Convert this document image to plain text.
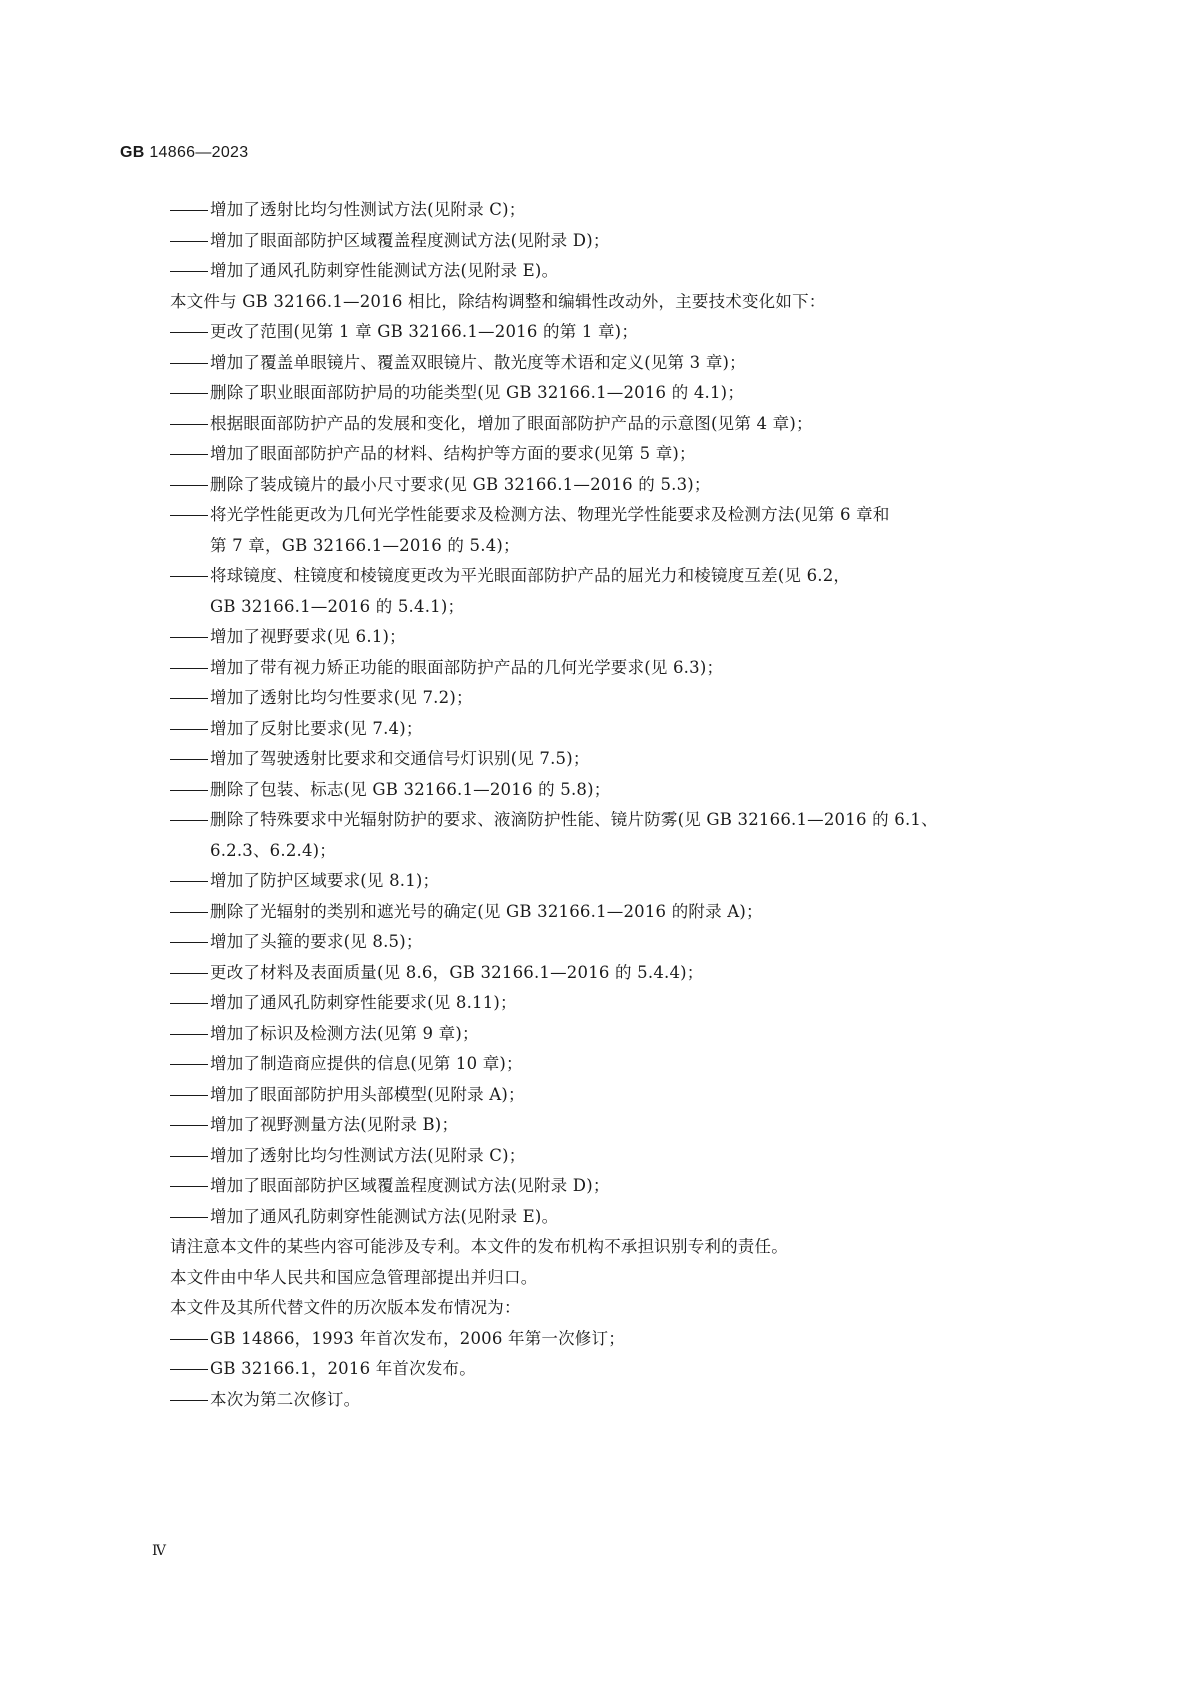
GB 14866—2023
增加了透射比均匀性测试方法(见附录 C)；
增加了眼面部防护区域覆盖程度测试方法(见附录 D)；
增加了通风孔防刺穿性能测试方法(见附录 E)。
本文件与 GB 32166.1—2016 相比，除结构调整和编辑性改动外，主要技术变化如下：
更改了范围(见第 1 章 GB 32166.1—2016 的第 1 章)；
增加了覆盖单眼镜片、覆盖双眼镜片、散光度等术语和定义(见第 3 章)；
删除了职业眼面部防护局的功能类型(见 GB 32166.1—2016 的 4.1)；
根据眼面部防护产品的发展和变化，增加了眼面部防护产品的示意图(见第 4 章)；
增加了眼面部防护产品的材料、结构护等方面的要求(见第 5 章)；
删除了装成镜片的最小尺寸要求(见 GB 32166.1—2016 的 5.3)；
将光学性能更改为几何光学性能要求及检测方法、物理光学性能要求及检测方法(见第 6 章和
第 7 章，GB 32166.1—2016 的 5.4)；
将球镜度、柱镜度和棱镜度更改为平光眼面部防护产品的屈光力和棱镜度互差(见 6.2，
GB 32166.1—2016 的 5.4.1)；
增加了视野要求(见 6.1)；
增加了带有视力矫正功能的眼面部防护产品的几何光学要求(见 6.3)；
增加了透射比均匀性要求(见 7.2)；
增加了反射比要求(见 7.4)；
增加了驾驶透射比要求和交通信号灯识别(见 7.5)；
删除了包装、标志(见 GB 32166.1—2016 的 5.8)；
删除了特殊要求中光辐射防护的要求、液滴防护性能、镜片防雾(见 GB 32166.1—2016 的 6.1、
6.2.3、6.2.4)；
增加了防护区域要求(见 8.1)；
删除了光辐射的类别和遮光号的确定(见 GB 32166.1—2016 的附录 A)；
增加了头箍的要求(见 8.5)；
更改了材料及表面质量(见 8.6，GB 32166.1—2016 的 5.4.4)；
增加了通风孔防刺穿性能要求(见 8.11)；
增加了标识及检测方法(见第 9 章)；
增加了制造商应提供的信息(见第 10 章)；
增加了眼面部防护用头部模型(见附录 A)；
增加了视野测量方法(见附录 B)；
增加了透射比均匀性测试方法(见附录 C)；
增加了眼面部防护区域覆盖程度测试方法(见附录 D)；
增加了通风孔防刺穿性能测试方法(见附录 E)。
请注意本文件的某些内容可能涉及专利。本文件的发布机构不承担识别专利的责任。
本文件由中华人民共和国应急管理部提出并归口。
本文件及其所代替文件的历次版本发布情况为：
GB 14866，1993 年首次发布，2006 年第一次修订；
GB 32166.1，2016 年首次发布。
本次为第二次修订。
Ⅳ
